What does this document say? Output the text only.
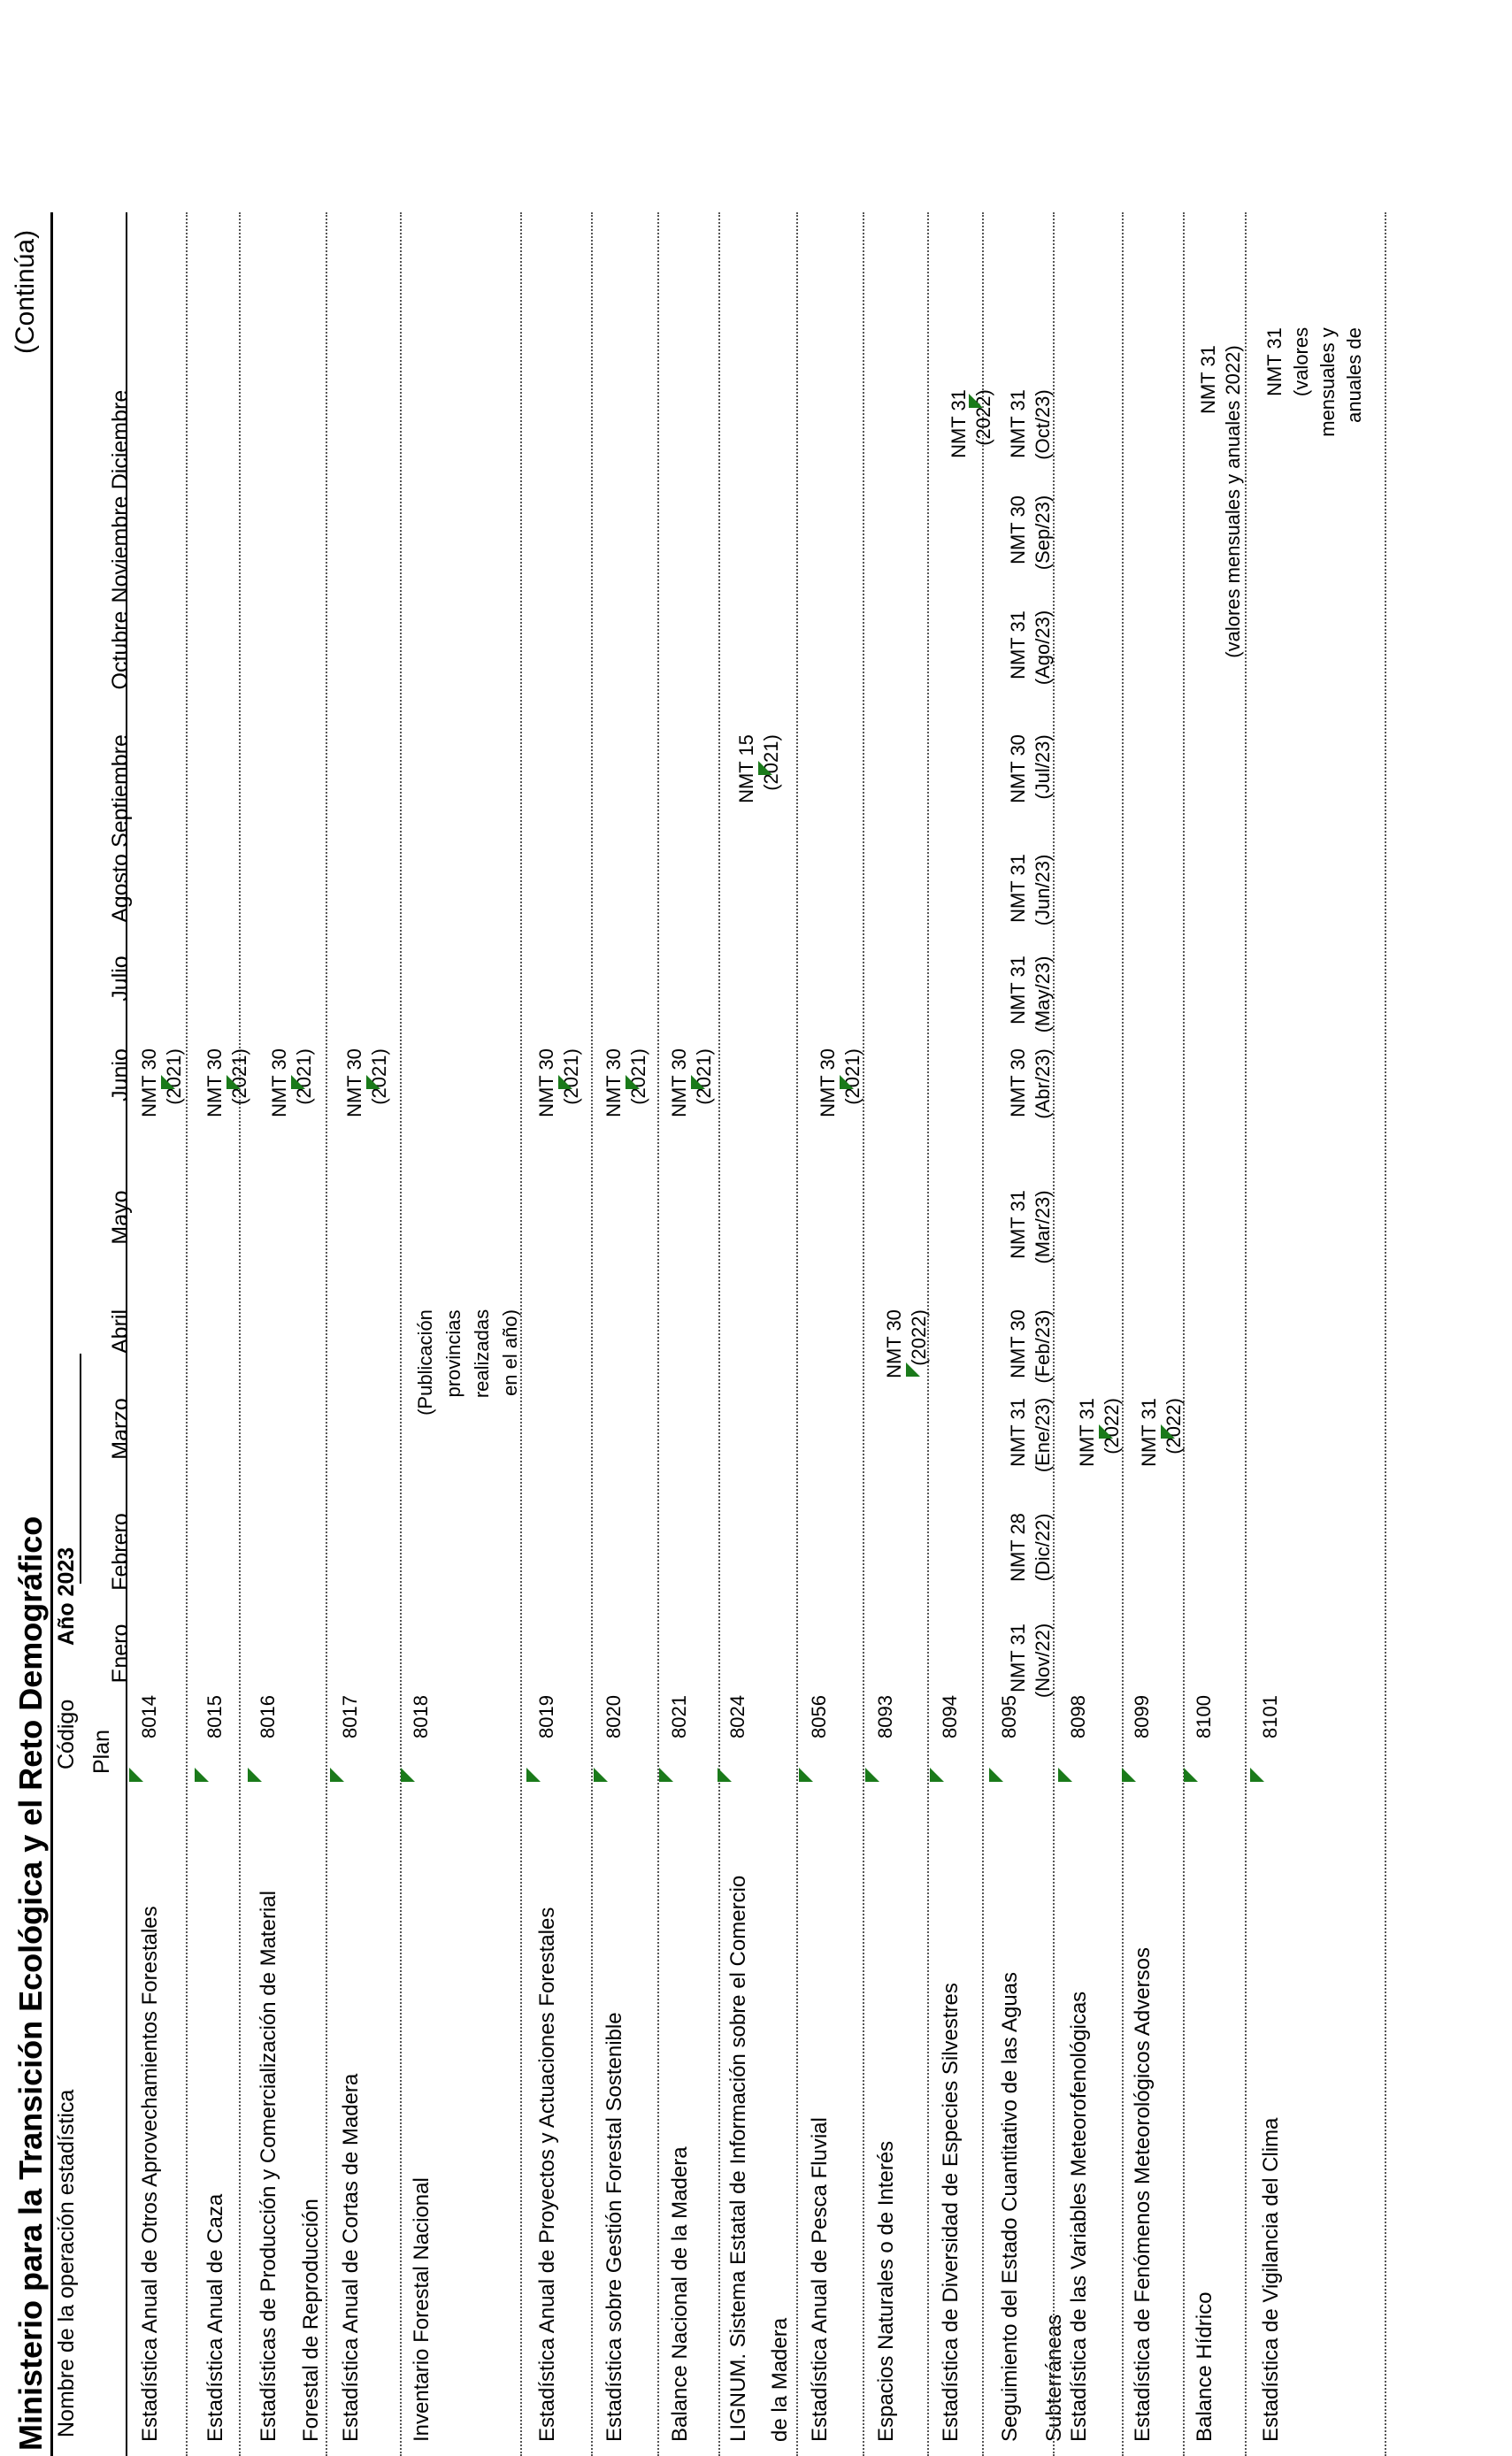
Ministerio para la Transición Ecológica y el Reto Demográfico
(Continúa)
Nombre de la operación estadística
Código Plan
Año 2023
Enero
Febrero
Marzo
Abril
Mayo
Junio
Julio
Agosto
Septiembre
Octubre
Noviembre
Diciembre
Estadística Anual de Otros Aprovechamientos Forestales
8014
Estadística Anual de Caza
8015
Estadísticas de Producción y Comercialización de Material Forestal de Reproducción
8016
Estadística Anual de Cortas de Madera
8017
Inventario Forestal Nacional
8018
Estadística Anual de Proyectos y Actuaciones Forestales
8019
Estadística sobre Gestión Forestal Sostenible
8020
Balance Nacional de la Madera
8021
LIGNUM. Sistema Estatal de Información sobre el Comercio de la Madera
8024
Estadística Anual de Pesca Fluvial
8056
Espacios Naturales o de Interés
8093
Estadística de Diversidad de Especies Silvestres
8094
Seguimiento del Estado Cuantitativo de las Aguas Subterráneas
8095
Estadística de las Variables Meteorofenológicas
8098
Estadística de Fenómenos Meteorológicos Adversos
8099
Balance Hídrico
8100
Estadística de Vigilancia del Clima
8101
NMT 30 (2021) NMT 30 (2021) NMT 30 (2021) NMT 30 (2021)
(Publicación provincias realizadas en el año)
NMT 30 (2021) NMT 30 (2021) NMT 30 (2021)
NMT 15 (2021)
NMT 30 (2021)
NMT 30 (2022)
NMT 31 (2022)
NMT 31 (Nov/22)
NMT 28 (Dic/22)
NMT 31 (Ene/23)
NMT 30 (Feb/23)
NMT 31 (Mar/23)
NMT 30 (Abr/23)
NMT 31 (May/23)
NMT 31 (Jun/23)
NMT 30 (Jul/23)
NMT 31 (Ago/23)
NMT 30 (Sep/23)
NMT 31 (Oct/23)
NMT 31 (2022) NMT 31 (2022)
NMT 31 (valores mensuales y anuales 2022) NMT 31 (valores mensuales y anuales de
